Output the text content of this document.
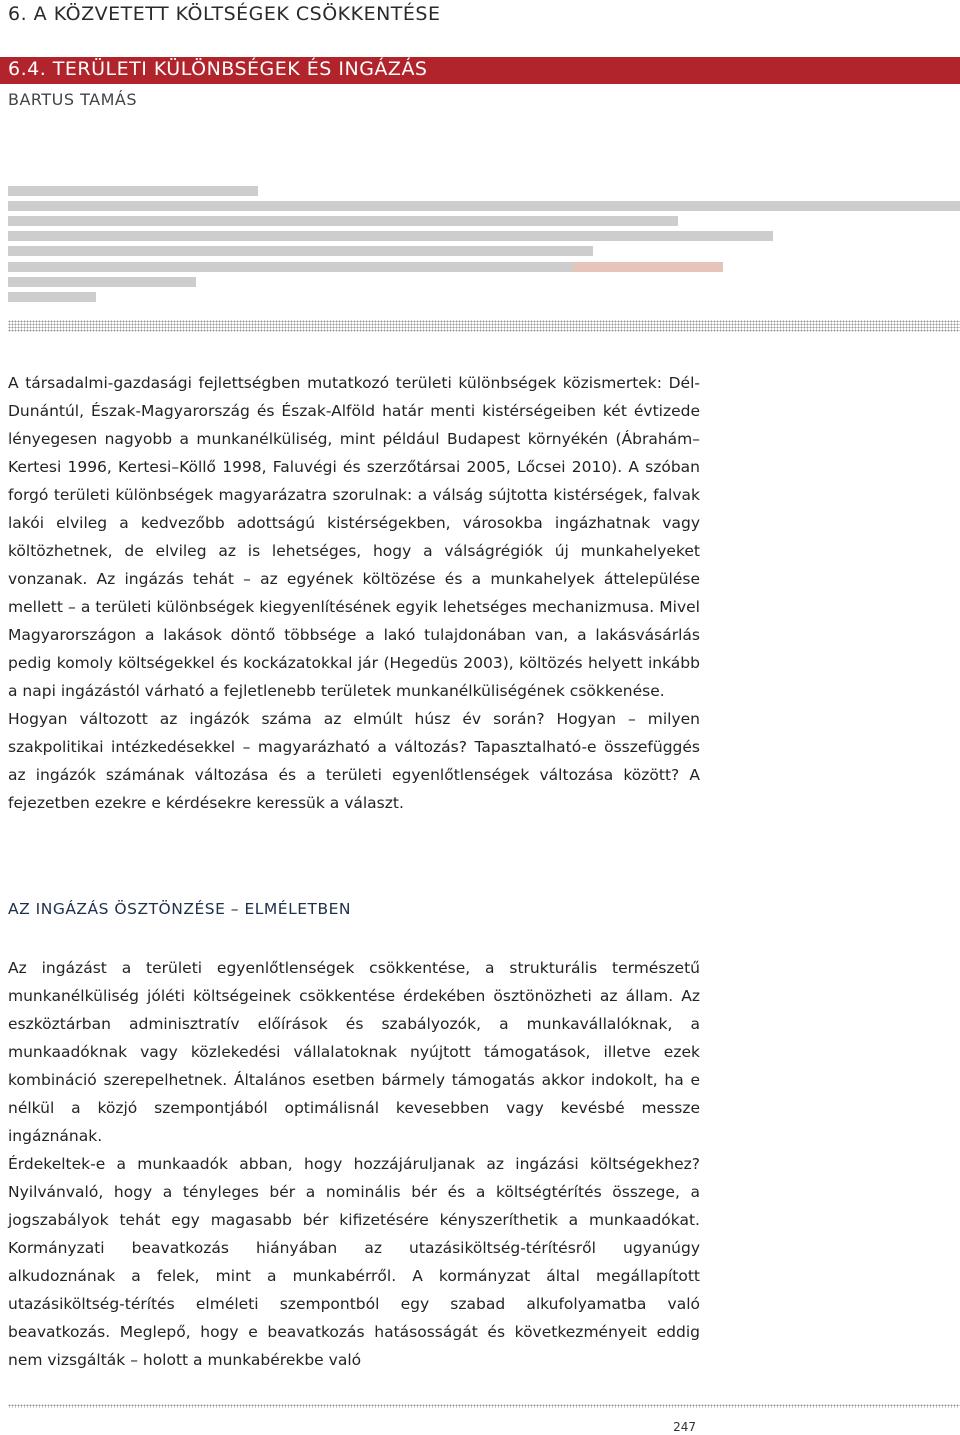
6. A KÖZVETETT KÖLTSÉGEK CSÖKKENTÉSE
6.4. TERÜLETI KÜLÖNBSÉGEK ÉS INGÁZÁS
BARTUS TAMÁS

A társadalmi-gazdasági fejlettségben mutatkozó területi különbségek közismertek: Dél-Dunántúl, Észak-Magyarország és Észak-Alföld határ menti kistérségeiben két évtizede lényegesen nagyobb a munkanélküliség, mint például Budapest környékén (Ábrahám–Kertesi 1996, Kertesi–Köllő 1998, Faluvégi és szerzőtársai 2005, Lőcsei 2010). A szóban forgó területi különbségek magyarázatra szorulnak: a válság sújtotta kistérségek, falvak lakói elvileg a kedvezőbb adottságú kistérségekben, városokba ingázhatnak vagy költözhetnek, de elvileg az is lehetséges, hogy a válságrégiók új munkahelyeket vonzanak. Az ingázás tehát – az egyének költözése és a munkahelyek áttelepülése mellett – a területi különbségek kiegyenlítésének egyik lehetséges mechanizmusa. Mivel Magyarországon a lakások döntő többsége a lakó tulajdonában van, a lakásvásárlás pedig komoly költségekkel és kockázatokkal jár (Hegedüs 2003), költözés helyett inkább a napi ingázástól várható a fejletlenebb területek munkanélküliségének csökkenése.

Hogyan változott az ingázók száma az elmúlt húsz év során? Hogyan – milyen szakpolitikai intézkedésekkel – magyarázható a változás? Tapasztalható-e összefüggés az ingázók számának változása és a területi egyenlőtlenségek változása között? A fejezetben ezekre e kérdésekre keressük a választ.

AZ INGÁZÁS ÖSZTÖNZÉSE – ELMÉLETBEN

Az ingázást a területi egyenlőtlenségek csökkentése, a strukturális természetű munkanélküliség jóléti költségeinek csökkentése érdekében ösztönözheti az állam. Az eszköztárban adminisztratív előírások és szabályozók, a munkavállalóknak, a munkaadóknak vagy közlekedési vállalatoknak nyújtott támogatások, illetve ezek kombináció szerepelhetnek. Általános esetben bármely támogatás akkor indokolt, ha e nélkül a közjó szempontjából optimálisnál kevesebben vagy kevésbé messze ingáznának.

Érdekeltek-e a munkaadók abban, hogy hozzájáruljanak az ingázási költségekhez? Nyilvánvaló, hogy a tényleges bér a nominális bér és a költségtérítés összege, a jogszabályok tehát egy magasabb bér kifizetésére kényszeríthetik a munkaadókat. Kormányzati beavatkozás hiányában az utazásiköltség-térítésről ugyanúgy alkudoznának a felek, mint a munkabérről. A kormányzat által megállapított utazásiköltség-térítés elméleti szempontból egy szabad alkufolyamatba való beavatkozás. Meglepő, hogy e beavatkozás hatásosságát és következményeit eddig nem vizsgálták – holott a munkabérekbe való

247
